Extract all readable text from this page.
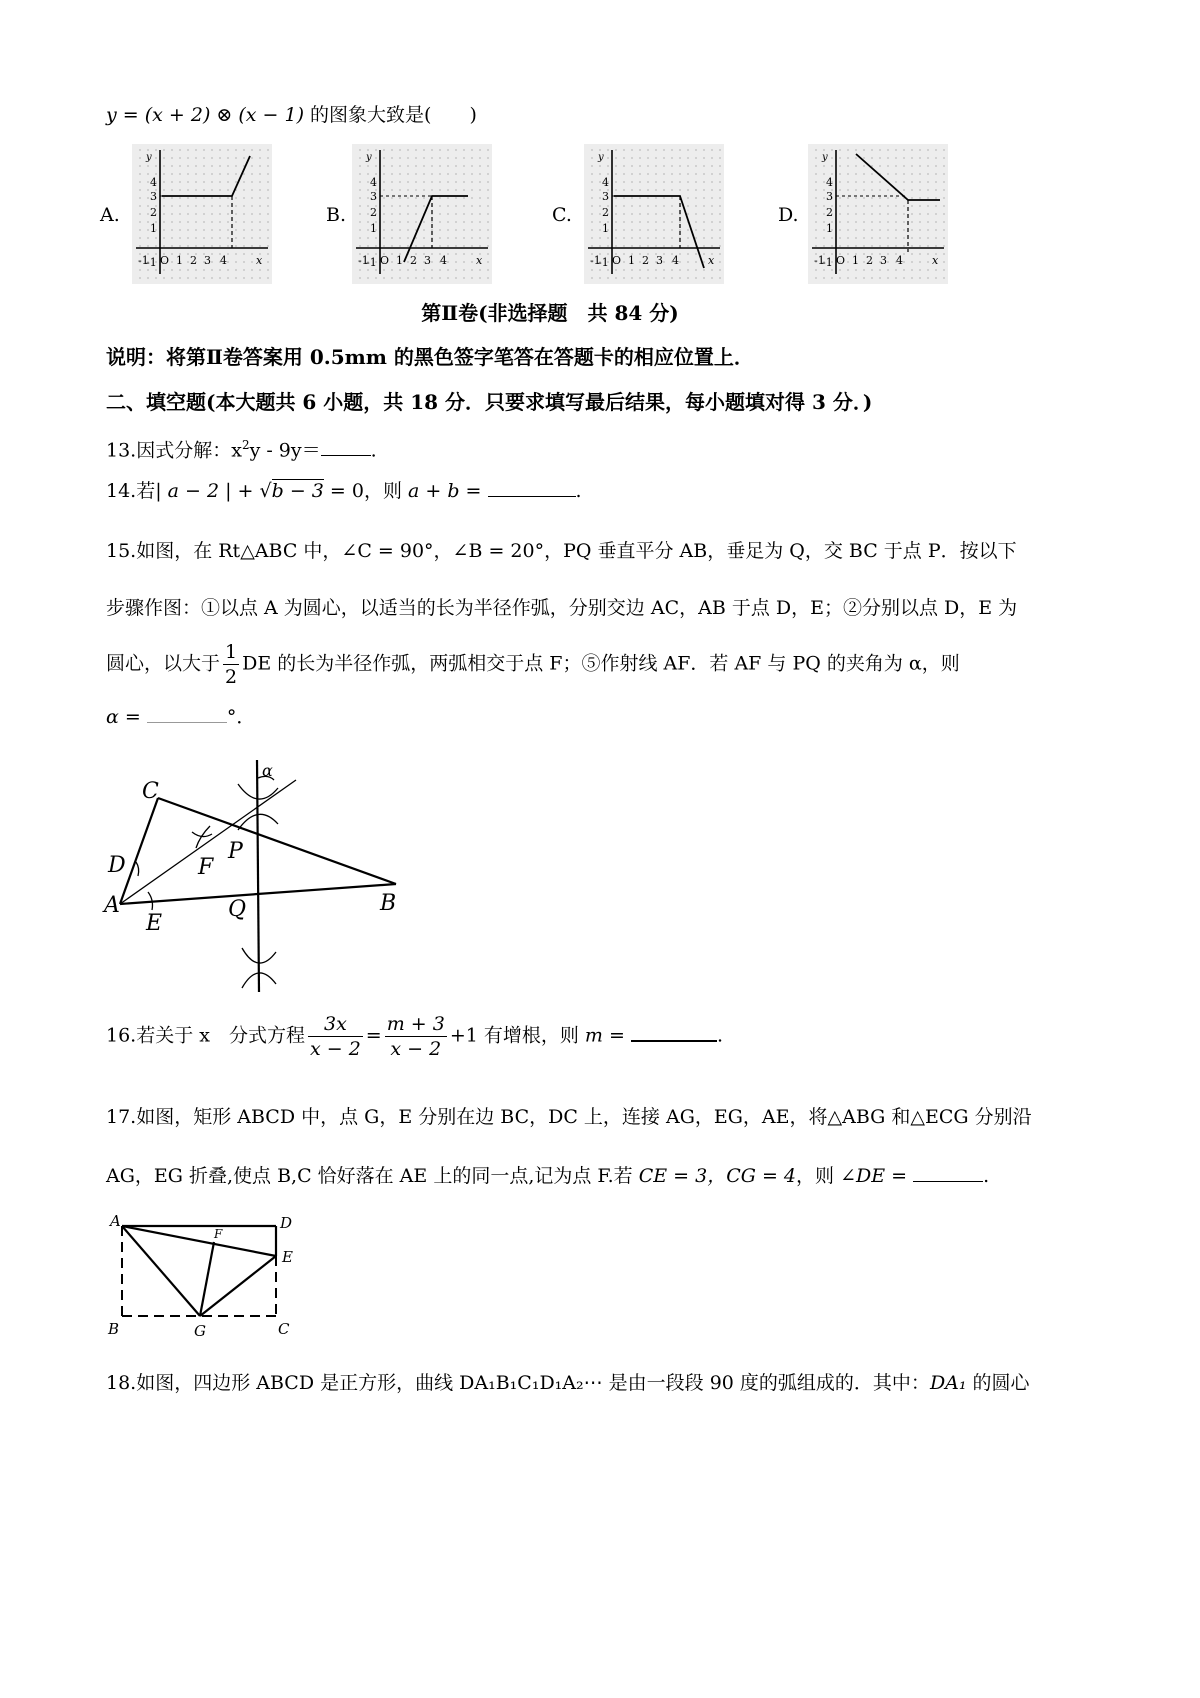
y = (x + 2) ⊗ (x − 1) 的图象大致是(　　)
A.
y
4
3
2
1
-1
-1 O 1 2 3 4	x
B.
y
4
3
2
1
-1
-1 O 1 2 3 4	x
C.
y
4
3
2
1
-1
-1 O 1 2 3 4	x
D.
y
4
3
2
1
-1
-1 O 1 2 3 4	x
第Ⅱ卷(非选择题　共 84 分)
说明：将第Ⅱ卷答案用 0.5mm 的黑色签字笔答在答题卡的相应位置上．
二、填空题(本大题共 6 小题，共 18 分．只要求填写最后结果，每小题填对得 3 分．)
13.因式分解：$x^2y - 9y=$	.
14.若| a − 2 | + √b − 3 = 0，则 a + b =	.
15.如图，在 Rt△ABC 中，∠C = 90°，∠B = 20°，PQ 垂直平分 AB，垂足为 Q，交 BC 于点 P．按以下
步骤作图：①以点 A 为圆心，以适当的长为半径作弧，分别交边 AC，AB 于点 D，E；②分别以点 D，E 为
圆心，以大于 $\frac{1}{2}$ DE 的长为半径作弧，两弧相交于点 F；⑤作射线 AF．若 AF 与 PQ 的夹角为 α，则
α =	°．
C
D
A
E
F
P
Q	B
α
16.若关于 x　分式方程 $\frac{3x}{x - 2} = \frac{m + 3}{x - 2} +1$ 有增根，则 m =	.
17.如图，矩形 ABCD 中，点 G，E 分别在边 BC，DC 上，连接 AG，EG，AE，将△ABG 和△ECG 分别沿
AG，EG 折叠,使点 B,C 恰好落在 AE 上的同一点,记为点 F.若 CE = 3，CG = 4，则 ∠DE =	.
A	D
F
E
B	G	C
18.如图，四边形 ABCD 是正方形，曲线 DA₁B₁C₁D₁A₂⋯ 是由一段段 90 度的弧组成的．其中：DA₁ 的圆心
